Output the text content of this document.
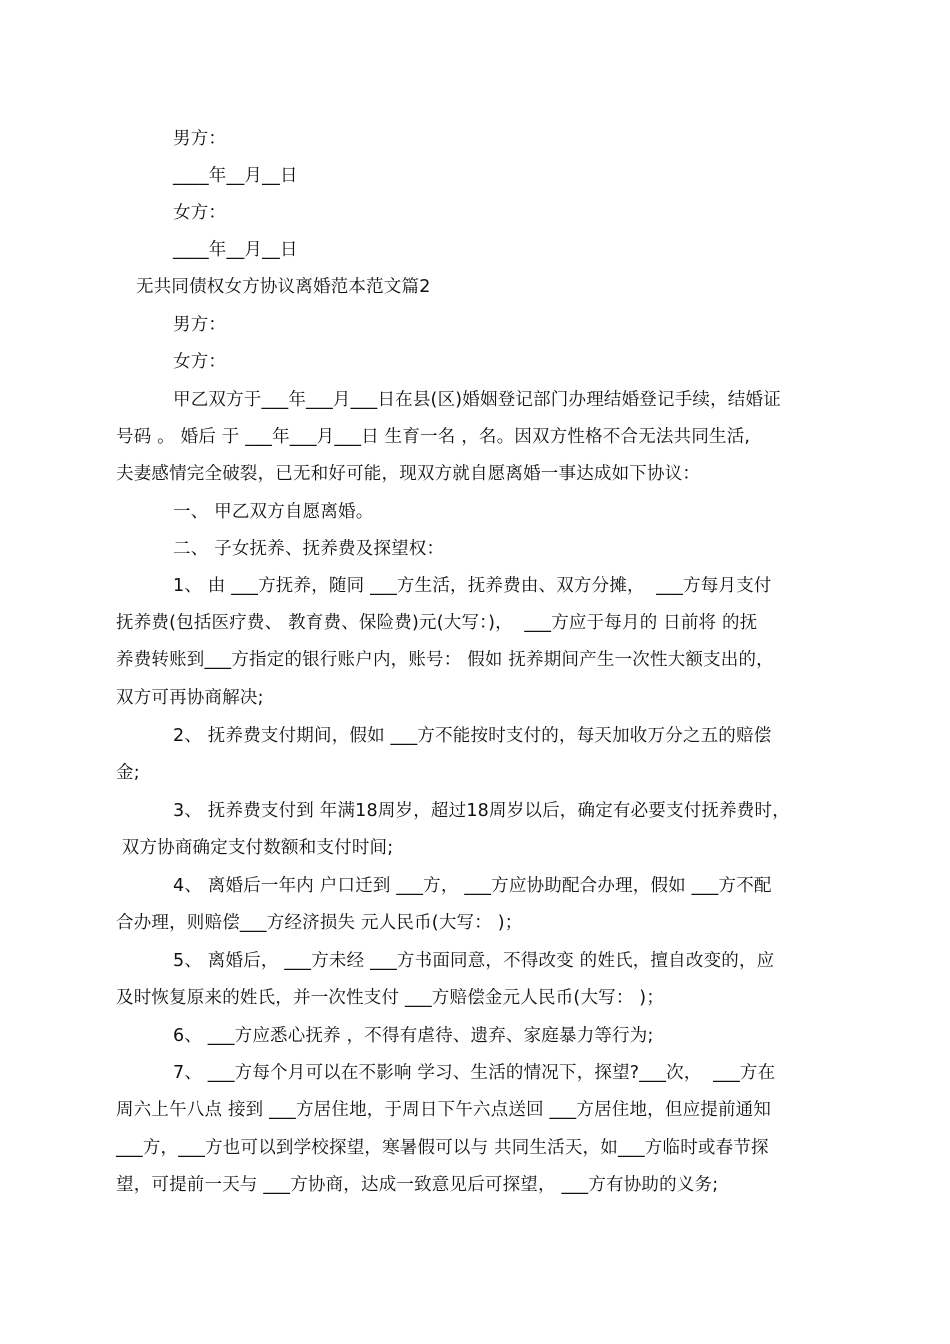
男方：

____年__月__日

女方：

____年__月__日

无共同债权女方协议离婚范本范文篇2

男方：

女方：

甲乙双方于___年___月___日在县(区)婚姻登记部门办理结婚登记手续，结婚证

号码 。 婚后 于 ___年___月___日 生育一名 ，名。因双方性格不合无法共同生活,

夫妻感情完全破裂，已无和好可能，现双方就自愿离婚一事达成如下协议：

一、 甲乙双方自愿离婚。

二、 子女抚养、抚养费及探望权：

1、 由 ___方抚养，随同 ___方生活，抚养费由、双方分摊，  ___方每月支付

抚养费(包括医疗费、 教育费、保险费)元(大写：)，  ___方应于每月的 日前将 的抚

养费转账到___方指定的银行账户内，账号： 假如 抚养期间产生一次性大额支出的，

双方可再协商解决;

2、 抚养费支付期间，假如 ___方不能按时支付的，每天加收万分之五的赔偿

金;

3、 抚养费支付到 年满18周岁，超过18周岁以后，确定有必要支付抚养费时，

双方协商确定支付数额和支付时间;

4、 离婚后一年内 户口迁到 ___方， ___方应协助配合办理，假如 ___方不配

合办理，则赔偿___方经济损失 元人民币(大写： )；

5、 离婚后， ___方未经 ___方书面同意，不得改变 的姓氏，擅自改变的，应

及时恢复原来的姓氏，并一次性支付 ___方赔偿金元人民币(大写： )；

6、 ___方应悉心抚养 ，不得有虐待、遗弃、家庭暴力等行为;

7、 ___方每个月可以在不影响 学习、生活的情况下，探望?___次，  ___方在

周六上午八点 接到 ___方居住地，于周日下午六点送回 ___方居住地，但应提前通知

___方，___方也可以到学校探望，寒暑假可以与 共同生活天，如___方临时或春节探

望，可提前一天与 ___方协商，达成一致意见后可探望， ___方有协助的义务;
